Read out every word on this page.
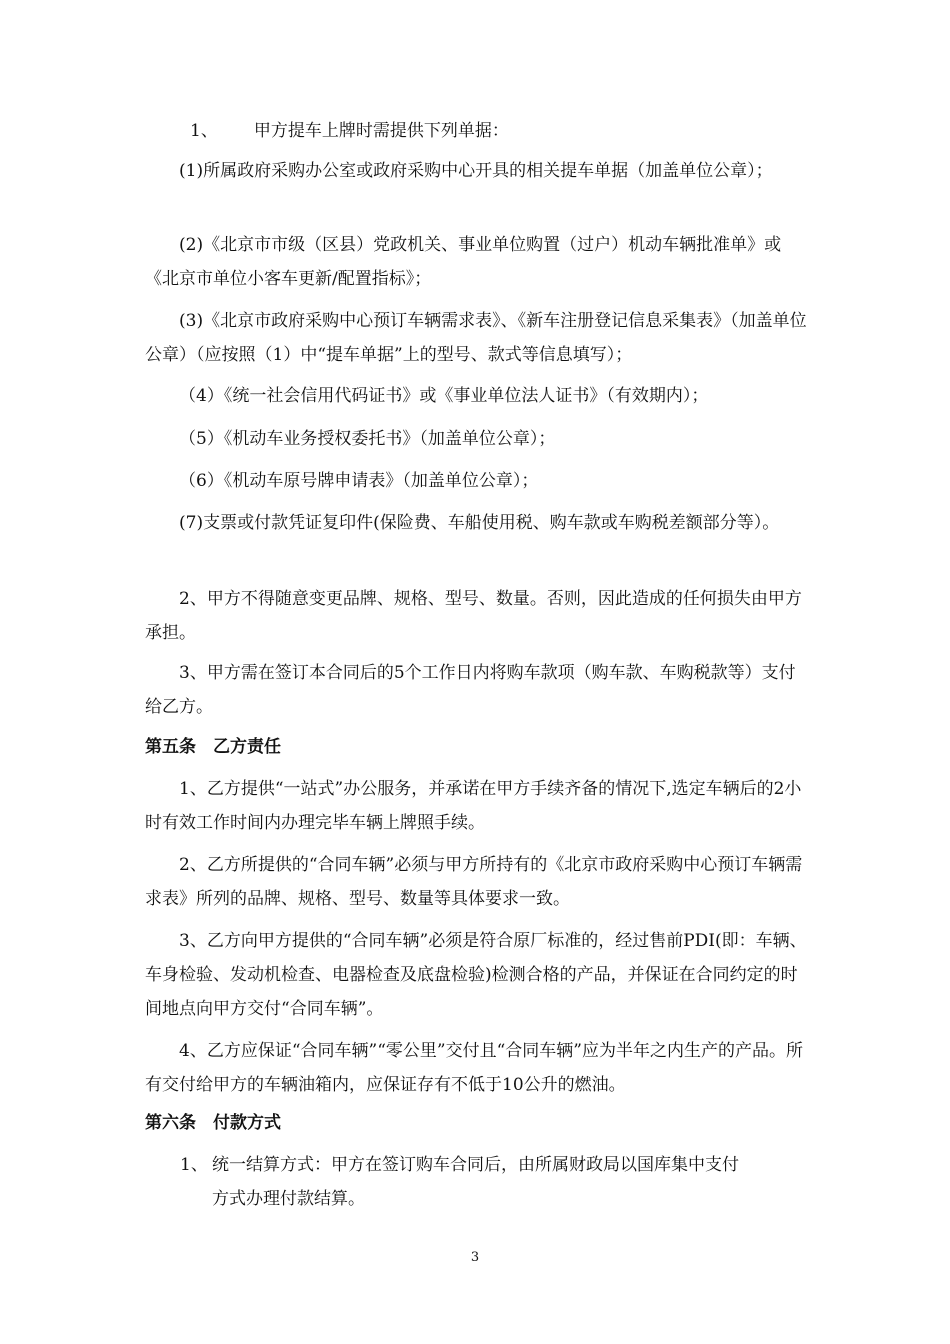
1、 甲方提车上牌时需提供下列单据：

(1)所属政府采购办公室或政府采购中心开具的相关提车单据（加盖单位公章）；

(2)《北京市市级（区县）党政机关、事业单位购置（过户）机动车辆批准单》或《北京市单位小客车更新/配置指标》；

(3)《北京市政府采购中心预订车辆需求表》、《新车注册登记信息采集表》（加盖单位公章）（应按照（1）中“提车单据”上的型号、款式等信息填写）；

（4）《统一社会信用代码证书》或《事业单位法人证书》（有效期内）；

（5）《机动车业务授权委托书》（加盖单位公章）；

（6）《机动车原号牌申请表》（加盖单位公章）；

(7)支票或付款凭证复印件(保险费、车船使用税、购车款或车购税差额部分等）。

2、甲方不得随意变更品牌、规格、型号、数量。否则，因此造成的任何损失由甲方承担。

3、甲方需在签订本合同后的5个工作日内将购车款项（购车款、车购税款等）支付给乙方。

第五条　乙方责任

1、乙方提供“一站式”办公服务，并承诺在甲方手续齐备的情况下,选定车辆后的2小时有效工作时间内办理完毕车辆上牌照手续。

2、乙方所提供的“合同车辆”必须与甲方所持有的《北京市政府采购中心预订车辆需求表》所列的品牌、规格、型号、数量等具体要求一致。

3、乙方向甲方提供的“合同车辆”必须是符合原厂标准的，经过售前PDI(即：车辆、车身检验、发动机检查、电器检查及底盘检验)检测合格的产品，并保证在合同约定的时间地点向甲方交付“合同车辆”。

4、乙方应保证“合同车辆”“零公里”交付且“合同车辆”应为半年之内生产的产品。所有交付给甲方的车辆油箱内，应保证存有不低于10公升的燃油。

第六条　付款方式
1、 统一结算方式：甲方在签订购车合同后，由所属财政局以国库集中支付
方式办理付款结算。
3
